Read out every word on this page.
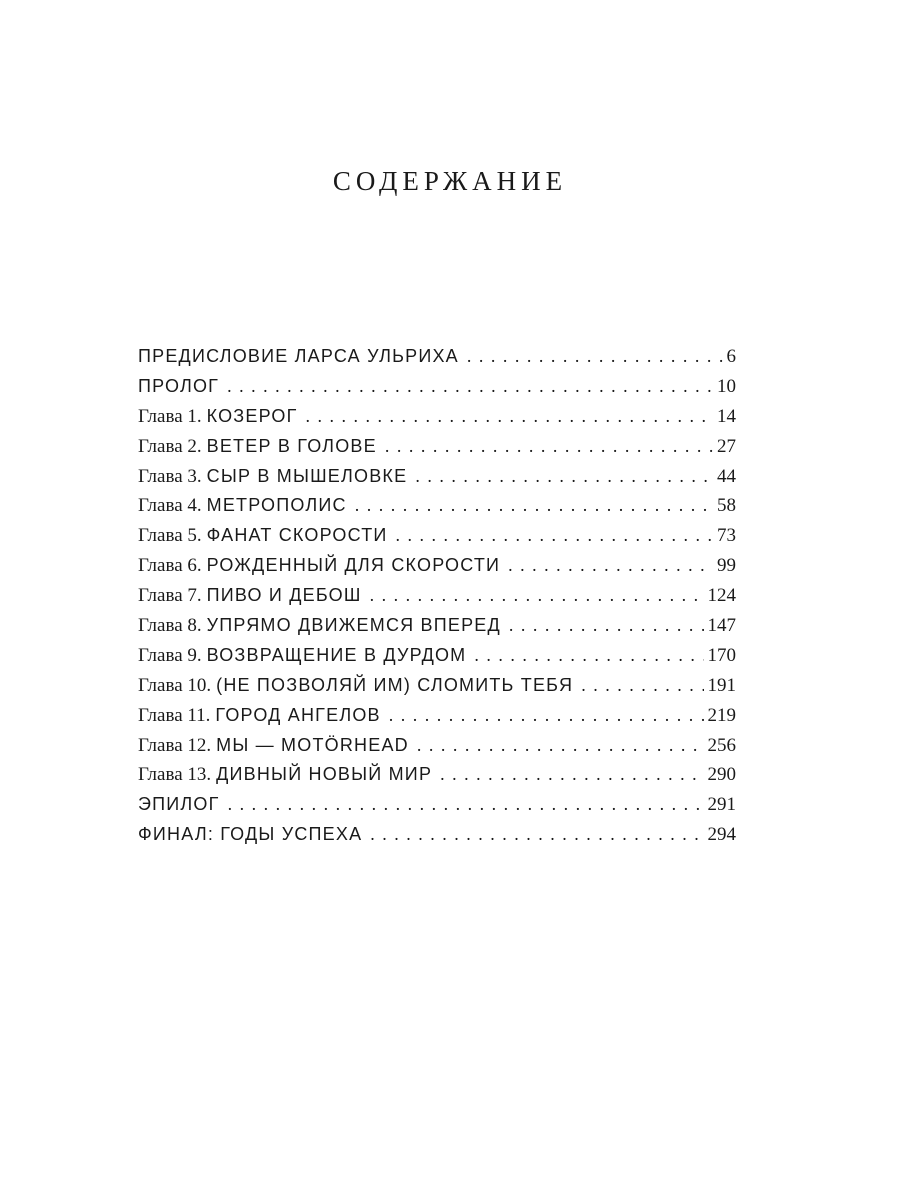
СОДЕРЖАНИЕ
ПРЕДИСЛОВИЕ ЛАРСА УЛЬРИХА . . .	6
ПРОЛОГ . . .	10
Глава 1. КОЗЕРОГ . . .	14
Глава 2. ВЕТЕР В ГОЛОВЕ . . .	27
Глава 3. СЫР В МЫШЕЛОВКЕ . . .	44
Глава 4. МЕТРОПОЛИС . . .	58
Глава 5. ФАНАТ СКОРОСТИ . . .	73
Глава 6. РОЖДЕННЫЙ ДЛЯ СКОРОСТИ . . .	99
Глава 7. ПИВО И ДЕБОШ . . .	124
Глава 8. УПРЯМО ДВИЖЕМСЯ ВПЕРЕД . . .	147
Глава 9. ВОЗВРАЩЕНИЕ В ДУРДОМ . . .	170
Глава 10. (НЕ ПОЗВОЛЯЙ ИМ) СЛОМИТЬ ТЕБЯ . . .	191
Глава 11. ГОРОД АНГЕЛОВ . . .	219
Глава 12. МЫ — MOTÖRHEAD . . .	256
Глава 13. ДИВНЫЙ НОВЫЙ МИР . . .	290
ЭПИЛОГ . . .	291
ФИНАЛ: ГОДЫ УСПЕХА . . .	294
